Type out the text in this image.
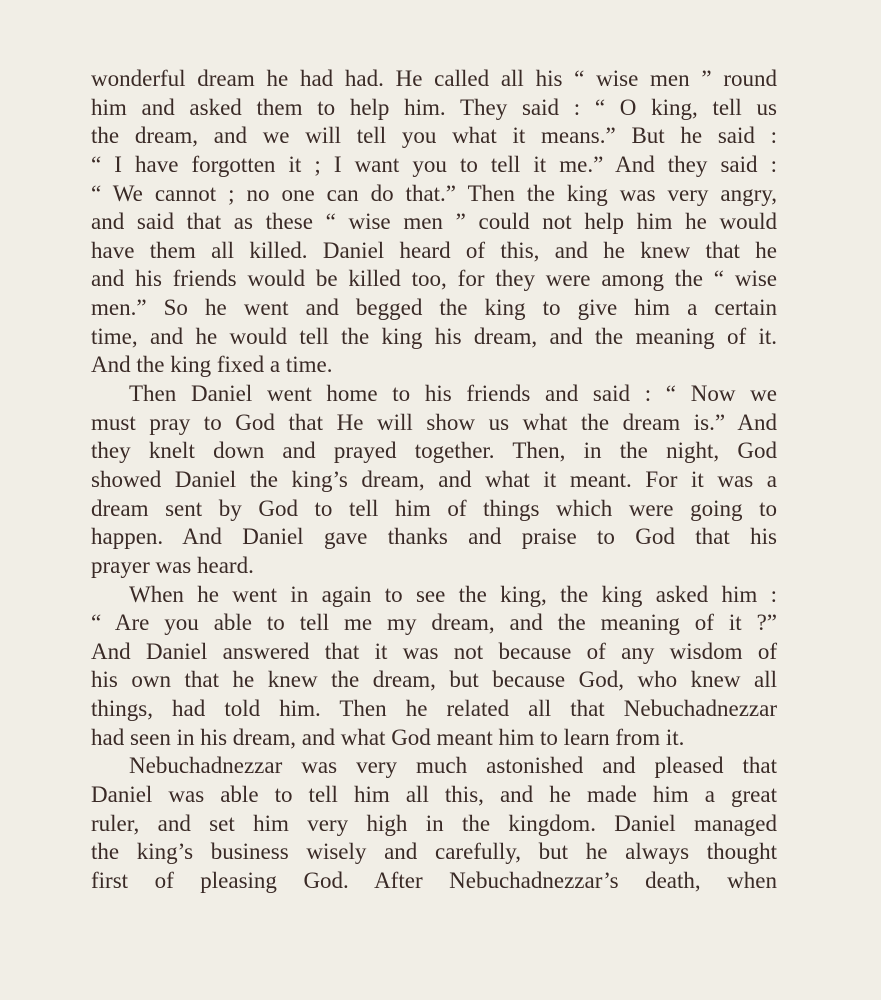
wonderful dream he had had. He called all his “ wise men ” round
him and asked them to help him. They said : “ O king, tell us
the dream, and we will tell you what it means.” But he said :
“ I have forgotten it ; I want you to tell it me.” And they said :
“ We cannot ; no one can do that.” Then the king was very angry,
and said that as these “ wise men ” could not help him he would
have them all killed. Daniel heard of this, and he knew that he
and his friends would be killed too, for they were among the “ wise
men.” So he went and begged the king to give him a certain
time, and he would tell the king his dream, and the meaning of it.
And the king fixed a time.
Then Daniel went home to his friends and said : “ Now we
must pray to God that He will show us what the dream is.” And
they knelt down and prayed together. Then, in the night, God
showed Daniel the king’s dream, and what it meant. For it was a
dream sent by God to tell him of things which were going to
happen. And Daniel gave thanks and praise to God that his
prayer was heard.
When he went in again to see the king, the king asked him :
“ Are you able to tell me my dream, and the meaning of it ?”
And Daniel answered that it was not because of any wisdom of
his own that he knew the dream, but because God, who knew all
things, had told him. Then he related all that Nebuchadnezzar
had seen in his dream, and what God meant him to learn from it.
Nebuchadnezzar was very much astonished and pleased that
Daniel was able to tell him all this, and he made him a great
ruler, and set him very high in the kingdom. Daniel managed
the king’s business wisely and carefully, but he always thought
first of pleasing God. After Nebuchadnezzar’s death, when
